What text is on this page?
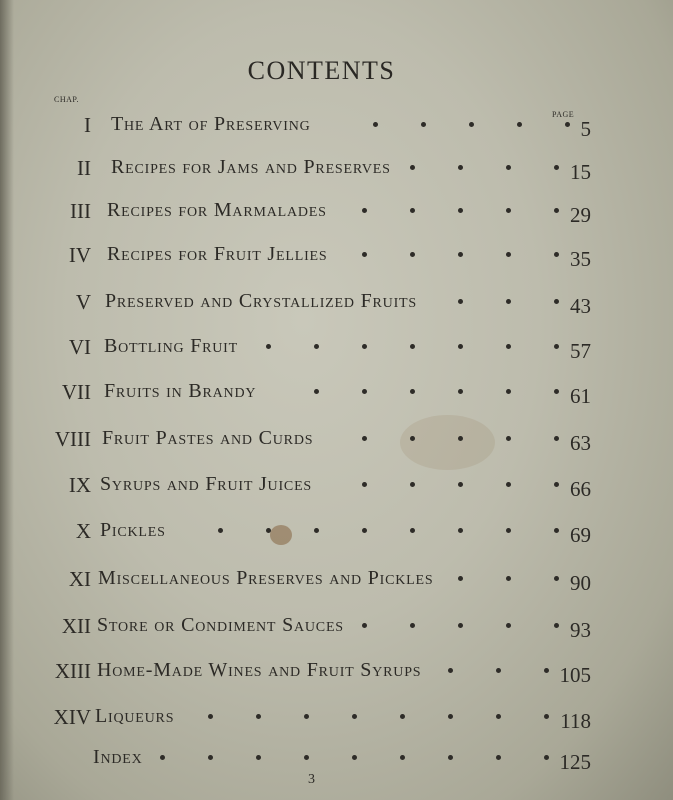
CONTENTS
CHAP.
PAGE
I The Art of Preserving	5
II Recipes for Jams and Preserves	15
III Recipes for Marmalades	29
IV Recipes for Fruit Jellies	35
V Preserved and Crystallized Fruits	43
VI Bottling Fruit	57
VII Fruits in Brandy	61
VIII Fruit Pastes and Curds	63
IX Syrups and Fruit Juices	66
X Pickles	69
XI Miscellaneous Preserves and Pickles	90
XII Store or Condiment Sauces	93
XIII Home-Made Wines and Fruit Syrups	105
XIV Liqueurs	118
Index	125
3
